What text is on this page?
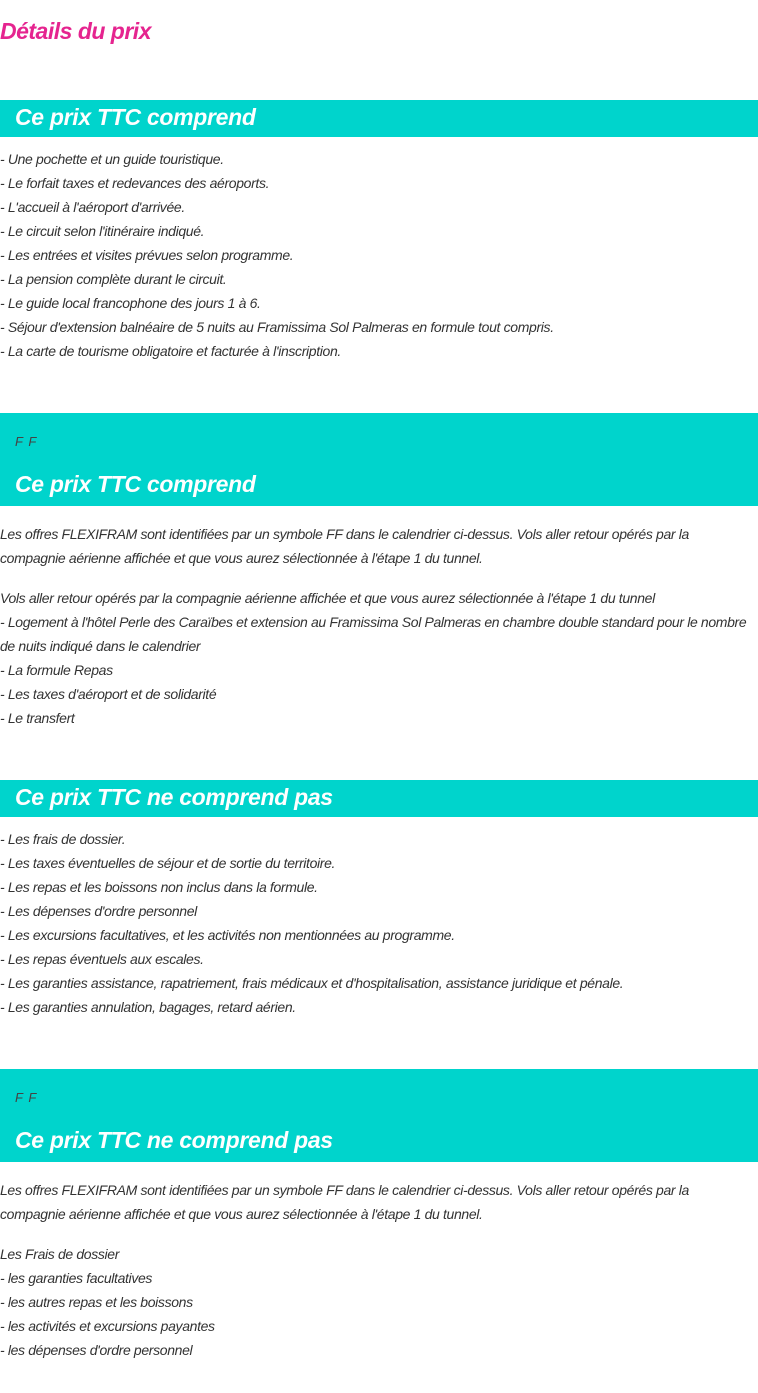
Détails du prix
Ce prix TTC comprend
- Une pochette et un guide touristique.
- Le forfait taxes et redevances des aéroports.
- L'accueil à l'aéroport d'arrivée.
- Le circuit selon l'itinéraire indiqué.
- Les entrées et visites prévues selon programme.
- La pension complète durant le circuit.
- Le guide local francophone des jours 1 à 6.
- Séjour d'extension balnéaire de 5 nuits au Framissima Sol Palmeras en formule tout compris.
- La carte de tourisme obligatoire et facturée à l'inscription.
F F
Ce prix TTC comprend

Les offres FLEXIFRAM sont identifiées par un symbole FF dans le calendrier ci-dessus. Vols aller retour opérés par la compagnie aérienne affichée et que vous aurez sélectionnée à l'étape 1 du tunnel.

Vols aller retour opérés par la compagnie aérienne affichée et que vous aurez sélectionnée à l'étape 1 du tunnel
- Logement à l'hôtel Perle des Caraïbes et extension au Framissima Sol Palmeras en chambre double standard pour le nombre de nuits indiqué dans le calendrier
- La formule Repas
- Les taxes d'aéroport et de solidarité
- Le transfert
Ce prix TTC ne comprend pas
- Les frais de dossier.
- Les taxes éventuelles de séjour et de sortie du territoire.
- Les repas et les boissons non inclus dans la formule.
- Les dépenses d'ordre personnel
- Les excursions facultatives, et les activités non mentionnées au programme.
- Les repas éventuels aux escales.
- Les garanties assistance, rapatriement, frais médicaux et d'hospitalisation, assistance juridique et pénale.
- Les garanties annulation, bagages, retard aérien.
F F
Ce prix TTC ne comprend pas

Les offres FLEXIFRAM sont identifiées par un symbole FF dans le calendrier ci-dessus. Vols aller retour opérés par la compagnie aérienne affichée et que vous aurez sélectionnée à l'étape 1 du tunnel.

Les Frais de dossier
- les garanties facultatives
- les autres repas et les boissons
- les activités et excursions payantes
- les dépenses d'ordre personnel
